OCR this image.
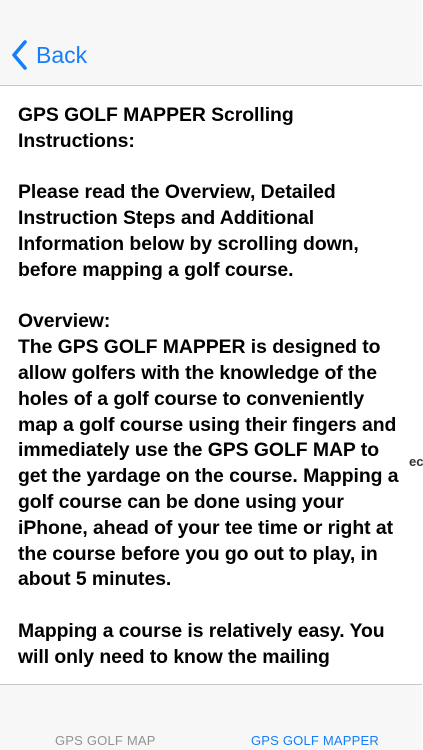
Back

GPS GOLF MAPPER Scrolling Instructions:

Please read the Overview, Detailed Instruction Steps and Additional Information below by scrolling down, before mapping a golf course.

Overview:
The GPS GOLF MAPPER is designed to allow golfers with the knowledge of the holes of a golf course to conveniently map a golf course using their fingers and immediately use the GPS GOLF MAP to get the yardage on the course. Mapping a golf course can be done using your iPhone, ahead of your tee time or right at the course before you go out to play, in about 5 minutes.

Mapping a course is relatively easy. You will only need to know the mailing

ec
GPS GOLF MAP	GPS GOLF MAPPER
